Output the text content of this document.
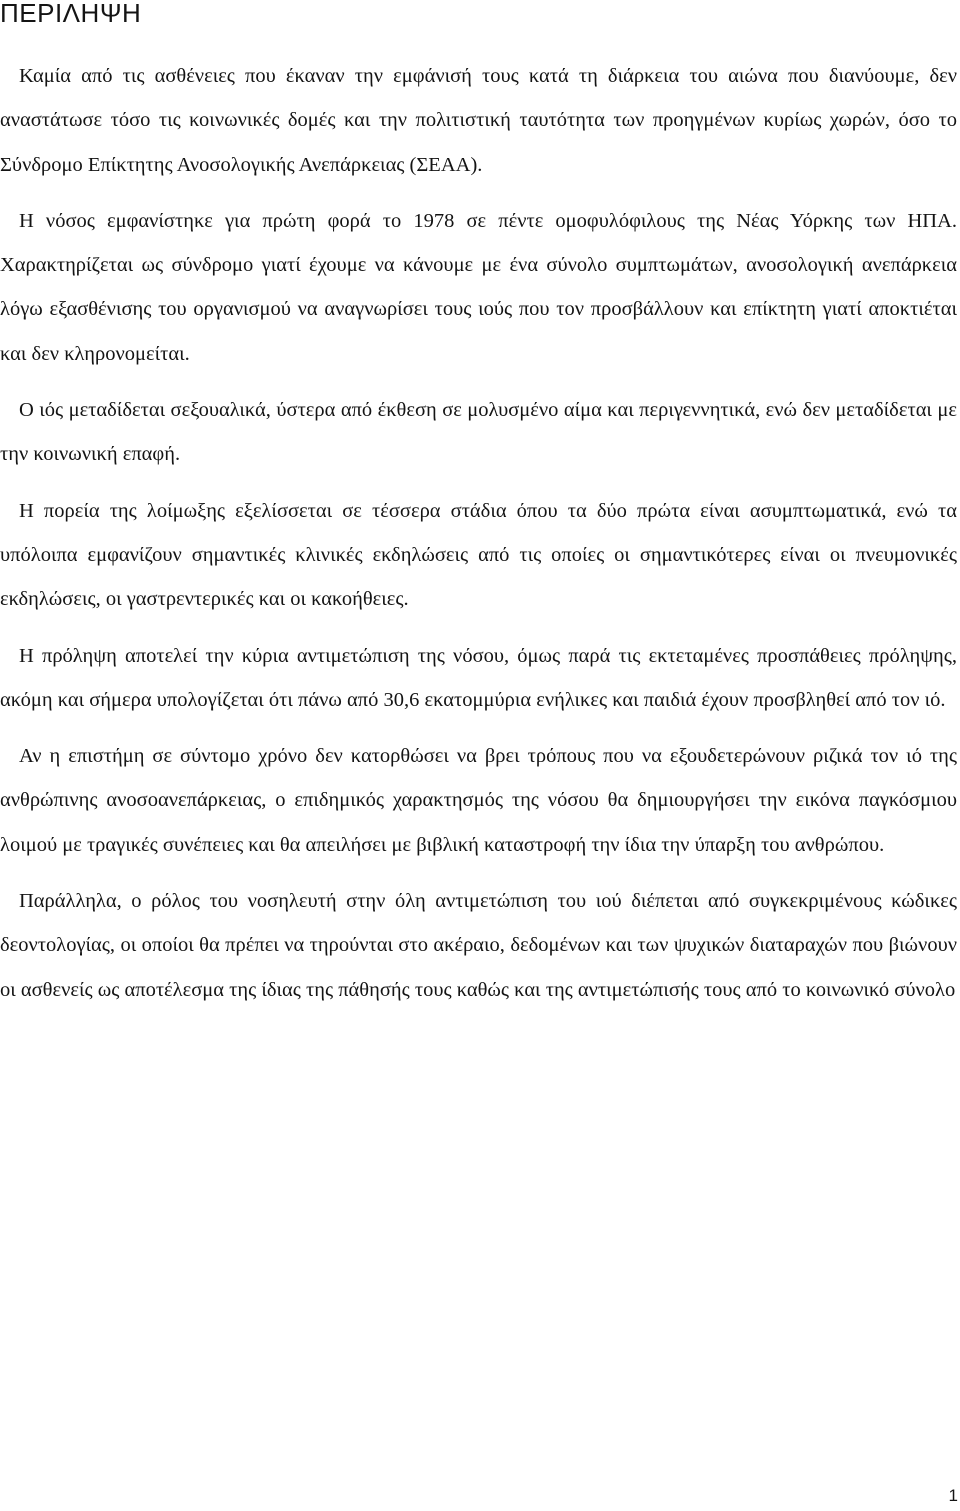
ΠΕΡΙΛΗΨΗ

Καμία από τις ασθένειες που έκαναν την εμφάνισή τους κατά τη διάρκεια του αιώνα που διανύουμε, δεν αναστάτωσε τόσο τις κοινωνικές δομές και την πολιτιστική ταυτότητα των προηγμένων κυρίως χωρών, όσο το Σύνδρομο Επίκτητης Ανοσολογικής Ανεπάρκειας (ΣΕΑΑ).

Η νόσος εμφανίστηκε για πρώτη φορά το 1978 σε πέντε ομοφυλόφιλους της Νέας Υόρκης των ΗΠΑ. Χαρακτηρίζεται ως σύνδρομο γιατί έχουμε να κάνουμε με ένα σύνολο συμπτωμάτων, ανοσολογική ανεπάρκεια λόγω εξασθένισης του οργανισμού να αναγνωρίσει τους ιούς που τον προσβάλλουν και επίκτητη γιατί αποκτιέται και δεν κληρονομείται.

Ο ιός μεταδίδεται σεξουαλικά, ύστερα από έκθεση σε μολυσμένο αίμα και περιγεννητικά, ενώ δεν μεταδίδεται με την κοινωνική επαφή.

Η πορεία της λοίμωξης εξελίσσεται σε τέσσερα στάδια όπου τα δύο πρώτα είναι ασυμπτωματικά, ενώ τα υπόλοιπα εμφανίζουν σημαντικές κλινικές εκδηλώσεις από τις οποίες οι σημαντικότερες είναι οι πνευμονικές εκδηλώσεις, οι γαστρεντερικές και οι κακοήθειες.

Η πρόληψη αποτελεί την κύρια αντιμετώπιση της νόσου, όμως παρά τις εκτεταμένες προσπάθειες πρόληψης, ακόμη και σήμερα υπολογίζεται ότι πάνω από 30,6 εκατομμύρια ενήλικες και παιδιά έχουν προσβληθεί από τον ιό.

Αν η επιστήμη σε σύντομο χρόνο δεν κατορθώσει να βρει τρόπους που να εξουδετερώνουν ριζικά τον ιό της ανθρώπινης ανοσοανεπάρκειας, ο επιδημικός χαρακτησμός της νόσου θα δημιουργήσει την εικόνα παγκόσμιου λοιμού με τραγικές συνέπειες και θα απειλήσει με βιβλική καταστροφή την ίδια την ύπαρξη του ανθρώπου.

Παράλληλα, ο ρόλος του νοσηλευτή στην όλη αντιμετώπιση του ιού διέπεται από συγκεκριμένους κώδικες δεοντολογίας, οι οποίοι θα πρέπει να τηρούνται στο ακέραιο, δεδομένων και των ψυχικών διαταραχών που βιώνουν οι ασθενείς ως αποτέλεσμα της ίδιας της πάθησής τους καθώς και της αντιμετώπισής τους από το κοινωνικό σύνολο

1
